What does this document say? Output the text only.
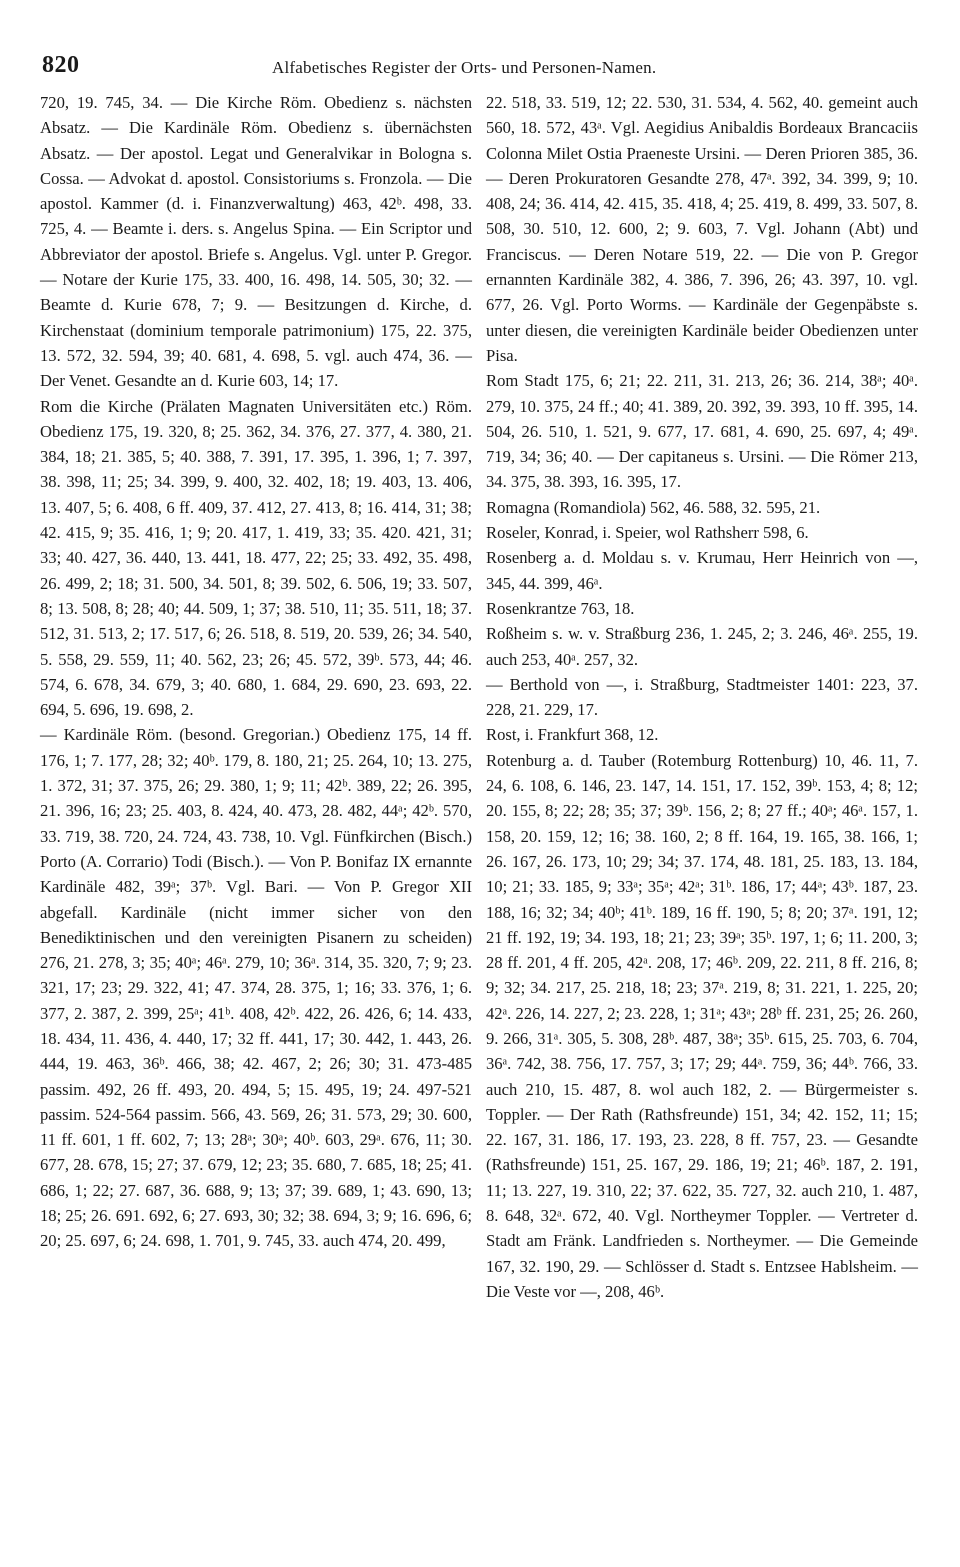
820	Alfabetisches Register der Orts- und Personen-Namen.

720, 19. 745, 34. — Die Kirche Röm. Obedienz s. nächsten Absatz. — Die Kardinäle Röm. Obedienz s. übernächsten Absatz. — Der apostol. Legat und Generalvikar in Bologna s. Cossa. — Advokat d. apostol. Consistoriums s. Fronzola. — Die apostol. Kammer (d. i. Finanzverwaltung) 463, 42ᵇ. 498, 33. 725, 4. — Beamte i. ders. s. Angelus Spina. — Ein Scriptor und Abbreviator der apostol. Briefe s. Angelus. Vgl. unter P. Gregor. — Notare der Kurie 175, 33. 400, 16. 498, 14. 505, 30; 32. — Beamte d. Kurie 678, 7; 9. — Besitzungen d. Kirche, d. Kirchenstaat (dominium temporale patrimonium) 175, 22. 375, 13. 572, 32. 594, 39; 40. 681, 4. 698, 5. vgl. auch 474, 36. — Der Venet. Gesandte an d. Kurie 603, 14; 17.

Rom die Kirche (Prälaten Magnaten Universitäten etc.) Röm. Obedienz 175, 19. 320, 8; 25. 362, 34. 376, 27. 377, 4. 380, 21. 384, 18; 21. 385, 5; 40. 388, 7. 391, 17. 395, 1. 396, 1; 7. 397, 38. 398, 11; 25; 34. 399, 9. 400, 32. 402, 18; 19. 403, 13. 406, 13. 407, 5; 6. 408, 6 ff. 409, 37. 412, 27. 413, 8; 16. 414, 31; 38; 42. 415, 9; 35. 416, 1; 9; 20. 417, 1. 419, 33; 35. 420. 421, 31; 33; 40. 427, 36. 440, 13. 441, 18. 477, 22; 25; 33. 492, 35. 498, 26. 499, 2; 18; 31. 500, 34. 501, 8; 39. 502, 6. 506, 19; 33. 507, 8; 13. 508, 8; 28; 40; 44. 509, 1; 37; 38. 510, 11; 35. 511, 18; 37. 512, 31. 513, 2; 17. 517, 6; 26. 518, 8. 519, 20. 539, 26; 34. 540, 5. 558, 29. 559, 11; 40. 562, 23; 26; 45. 572, 39ᵇ. 573, 44; 46. 574, 6. 678, 34. 679, 3; 40. 680, 1. 684, 29. 690, 23. 693, 22. 694, 5. 696, 19. 698, 2.

— Kardinäle Röm. (besond. Gregorian.) Obedienz 175, 14 ff. 176, 1; 7. 177, 28; 32; 40ᵇ. 179, 8. 180, 21; 25. 264, 10; 13. 275, 1. 372, 31; 37. 375, 26; 29. 380, 1; 9; 11; 42ᵇ. 389, 22; 26. 395, 21. 396, 16; 23; 25. 403, 8. 424, 40. 473, 28. 482, 44ᵃ; 42ᵇ. 570, 33. 719, 38. 720, 24. 724, 43. 738, 10. Vgl. Fünfkirchen (Bisch.) Porto (A. Corrario) Todi (Bisch.). — Von P. Bonifaz IX ernannte Kardinäle 482, 39ᵃ; 37ᵇ. Vgl. Bari. — Von P. Gregor XII abgefall. Kardinäle (nicht immer sicher von den Benediktinischen und den vereinigten Pisanern zu scheiden) 276, 21. 278, 3; 35; 40ᵃ; 46ᵃ. 279, 10; 36ᵃ. 314, 35. 320, 7; 9; 23. 321, 17; 23; 29. 322, 41; 47. 374, 28. 375, 1; 16; 33. 376, 1; 6. 377, 2. 387, 2. 399, 25ᵃ; 41ᵇ. 408, 42ᵇ. 422, 26. 426, 6; 14. 433, 18. 434, 11. 436, 4. 440, 17; 32 ff. 441, 17; 30. 442, 1. 443, 26. 444, 19. 463, 36ᵇ. 466, 38; 42. 467, 2; 26; 30; 31. 473-485 passim. 492, 26 ff. 493, 20. 494, 5; 15. 495, 19; 24. 497-521 passim. 524-564 passim. 566, 43. 569, 26; 31. 573, 29; 30. 600, 11 ff. 601, 1 ff. 602, 7; 13; 28ᵃ; 30ᵃ; 40ᵇ. 603, 29ᵃ. 676, 11; 30. 677, 28. 678, 15; 27; 37. 679, 12; 23; 35. 680, 7. 685, 18; 25; 41. 686, 1; 22; 27. 687, 36. 688, 9; 13; 37; 39. 689, 1; 43. 690, 13; 18; 25; 26. 691. 692, 6; 27. 693, 30; 32; 38. 694, 3; 9; 16. 696, 6; 20; 25. 697, 6; 24. 698, 1. 701, 9. 745, 33. auch 474, 20. 499,

22. 518, 33. 519, 12; 22. 530, 31. 534, 4. 562, 40. gemeint auch 560, 18. 572, 43ᵃ. Vgl. Aegidius Anibaldis Bordeaux Brancaciis Colonna Milet Ostia Praeneste Ursini. — Deren Prioren 385, 36. — Deren Prokuratoren Gesandte 278, 47ᵃ. 392, 34. 399, 9; 10. 408, 24; 36. 414, 42. 415, 35. 418, 4; 25. 419, 8. 499, 33. 507, 8. 508, 30. 510, 12. 600, 2; 9. 603, 7. Vgl. Johann (Abt) und Franciscus. — Deren Notare 519, 22. — Die von P. Gregor ernannten Kardinäle 382, 4. 386, 7. 396, 26; 43. 397, 10. vgl. 677, 26. Vgl. Porto Worms. — Kardinäle der Gegenpäbste s. unter diesen, die vereinigten Kardinäle beider Obedienzen unter Pisa.

Rom Stadt 175, 6; 21; 22. 211, 31. 213, 26; 36. 214, 38ᵃ; 40ᵃ. 279, 10. 375, 24 ff.; 40; 41. 389, 20. 392, 39. 393, 10 ff. 395, 14. 504, 26. 510, 1. 521, 9. 677, 17. 681, 4. 690, 25. 697, 4; 49ᵃ. 719, 34; 36; 40. — Der capitaneus s. Ursini. — Die Römer 213, 34. 375, 38. 393, 16. 395, 17.

Romagna (Romandiola) 562, 46. 588, 32. 595, 21.

Roseler, Konrad, i. Speier, wol Rathsherr 598, 6.

Rosenberg a. d. Moldau s. v. Krumau, Herr Heinrich von —, 345, 44. 399, 46ᵃ.

Rosenkrantze 763, 18.

Roßheim s. w. v. Straßburg 236, 1. 245, 2; 3. 246, 46ᵃ. 255, 19. auch 253, 40ᵃ. 257, 32.

— Berthold von —, i. Straßburg, Stadtmeister 1401: 223, 37. 228, 21. 229, 17.

Rost, i. Frankfurt 368, 12.

Rotenburg a. d. Tauber (Rotemburg Rottenburg) 10, 46. 11, 7. 24, 6. 108, 6. 146, 23. 147, 14. 151, 17. 152, 39ᵇ. 153, 4; 8; 12; 20. 155, 8; 22; 28; 35; 37; 39ᵇ. 156, 2; 8; 27 ff.; 40ᵃ; 46ᵃ. 157, 1. 158, 20. 159, 12; 16; 38. 160, 2; 8 ff. 164, 19. 165, 38. 166, 1; 26. 167, 26. 173, 10; 29; 34; 37. 174, 48. 181, 25. 183, 13. 184, 10; 21; 33. 185, 9; 33ᵃ; 35ᵃ; 42ᵃ; 31ᵇ. 186, 17; 44ᵃ; 43ᵇ. 187, 23. 188, 16; 32; 34; 40ᵇ; 41ᵇ. 189, 16 ff. 190, 5; 8; 20; 37ᵃ. 191, 12; 21 ff. 192, 19; 34. 193, 18; 21; 23; 39ᵃ; 35ᵇ. 197, 1; 6; 11. 200, 3; 28 ff. 201, 4 ff. 205, 42ᵃ. 208, 17; 46ᵇ. 209, 22. 211, 8 ff. 216, 8; 9; 32; 34. 217, 25. 218, 18; 23; 37ᵃ. 219, 8; 31. 221, 1. 225, 20; 42ᵃ. 226, 14. 227, 2; 23. 228, 1; 31ᵃ; 43ᵃ; 28ᵇ ff. 231, 25; 26. 260, 9. 266, 31ᵃ. 305, 5. 308, 28ᵇ. 487, 38ᵃ; 35ᵇ. 615, 25. 703, 6. 704, 36ᵃ. 742, 38. 756, 17. 757, 3; 17; 29; 44ᵃ. 759, 36; 44ᵇ. 766, 33. auch 210, 15. 487, 8. wol auch 182, 2. — Bürgermeister s. Toppler. — Der Rath (Rathsfreunde) 151, 34; 42. 152, 11; 15; 22. 167, 31. 186, 17. 193, 23. 228, 8 ff. 757, 23. — Gesandte (Rathsfreunde) 151, 25. 167, 29. 186, 19; 21; 46ᵇ. 187, 2. 191, 11; 13. 227, 19. 310, 22; 37. 622, 35. 727, 32. auch 210, 1. 487, 8. 648, 32ᵃ. 672, 40. Vgl. Northeymer Toppler. — Vertreter d. Stadt am Fränk. Landfrieden s. Northeymer. — Die Gemeinde 167, 32. 190, 29. — Schlösser d. Stadt s. Entzsee Hablsheim. — Die Veste vor —, 208, 46ᵇ.
